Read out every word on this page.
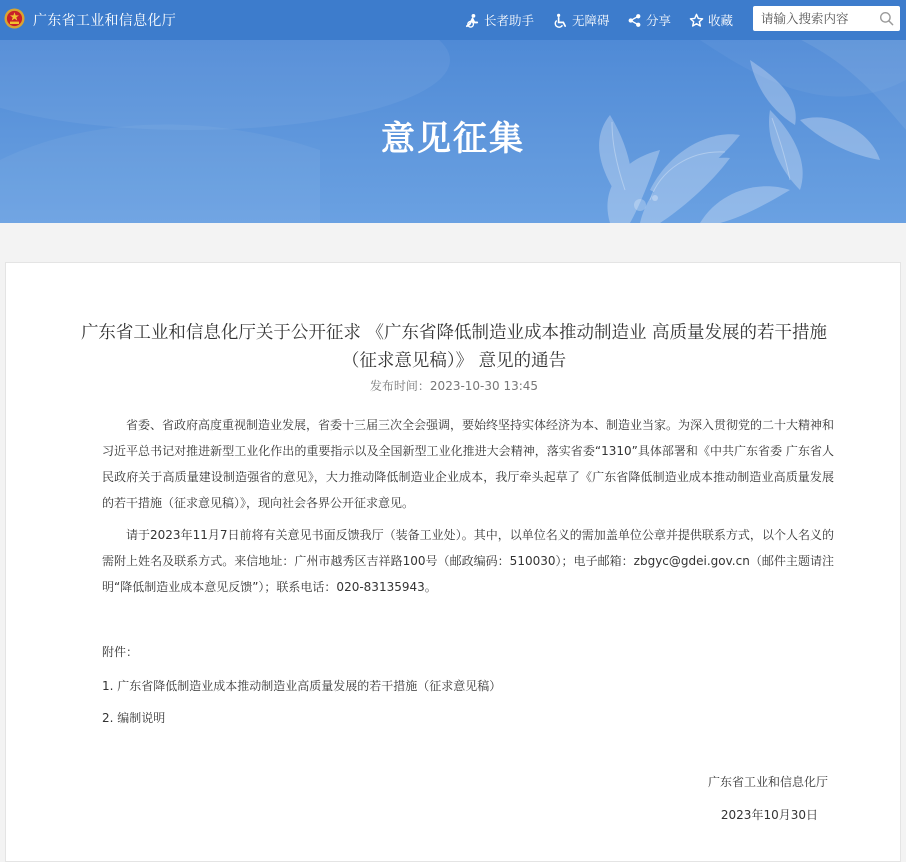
广东省工业和信息化厅	长者助手	无障碍	分享	收藏
请输入搜索内容
意见征集
广东省工业和信息化厅关于公开征求 《广东省降低制造业成本推动制造业 高质量发展的若干措施（征求意见稿）》 意见的通告
发布时间：2023-10-30 13:45

省委、省政府高度重视制造业发展，省委十三届三次全会强调，要始终坚持实体经济为本、制造业当家。为深入贯彻党的二十大精神和习近平总书记对推进新型工业化作出的重要指示以及全国新型工业化推进大会精神，落实省委“1310”具体部署和《中共广东省委 广东省人民政府关于高质量建设制造强省的意见》，大力推动降低制造业企业成本，我厅牵头起草了《广东省降低制造业成本推动制造业高质量发展的若干措施（征求意见稿）》，现向社会各界公开征求意见。

请于2023年11月7日前将有关意见书面反馈我厅（装备工业处）。其中，以单位名义的需加盖单位公章并提供联系方式，以个人名义的需附上姓名及联系方式。来信地址：广州市越秀区吉祥路100号（邮政编码：510030）；电子邮箱：zbgyc@gdei.gov.cn（邮件主题请注明“降低制造业成本意见反馈”）；联系电话：020-83135943。

附件：
1. 广东省降低制造业成本推动制造业高质量发展的若干措施（征求意见稿）
2. 编制说明
广东省工业和信息化厅
2023年10月30日
